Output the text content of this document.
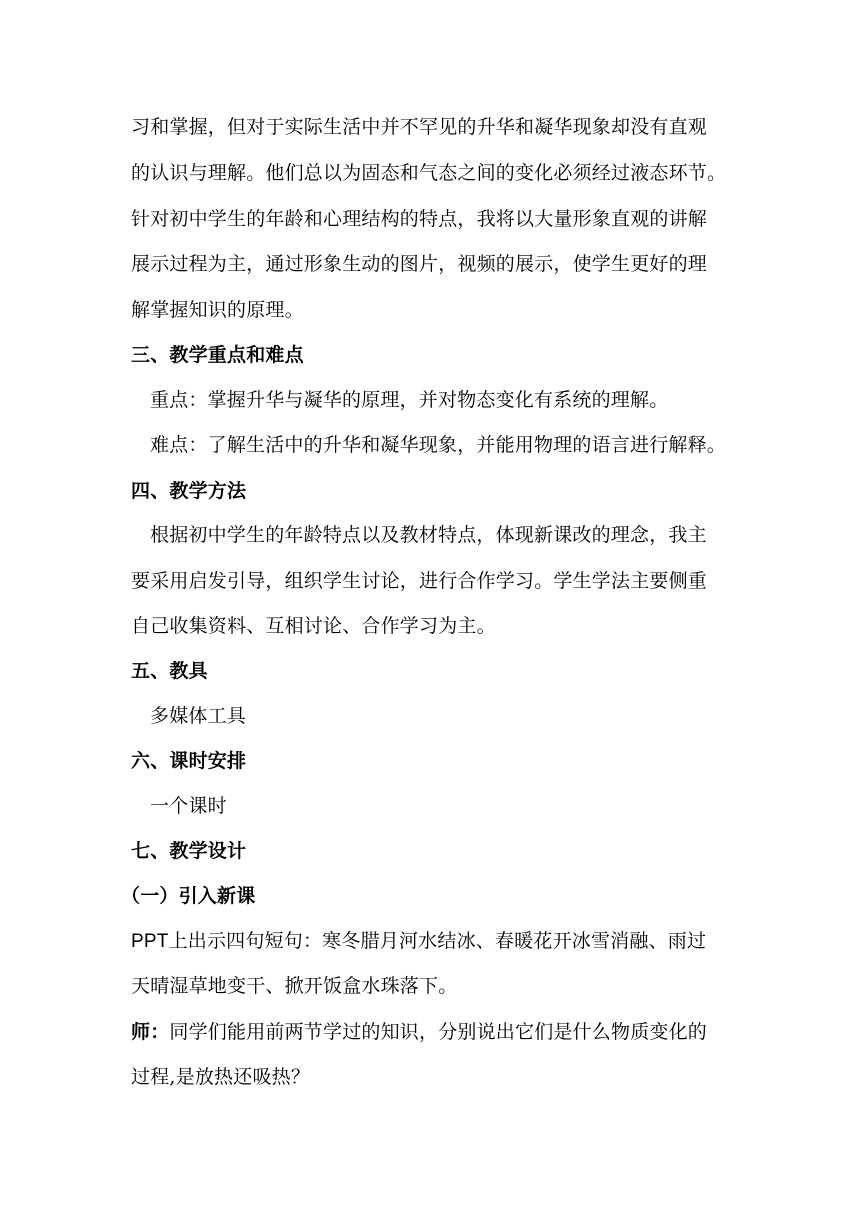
习和掌握，但对于实际生活中并不罕见的升华和凝华现象却没有直观
的认识与理解。他们总以为固态和气态之间的变化必须经过液态环节。
针对初中学生的年龄和心理结构的特点，我将以大量形象直观的讲解
展示过程为主，通过形象生动的图片，视频的展示，使学生更好的理
解掌握知识的原理。
三、教学重点和难点
重点：掌握升华与凝华的原理，并对物态变化有系统的理解。
难点：了解生活中的升华和凝华现象，并能用物理的语言进行解释。
四、教学方法
根据初中学生的年龄特点以及教材特点，体现新课改的理念，我主
要采用启发引导，组织学生讨论，进行合作学习。学生学法主要侧重
自己收集资料、互相讨论、合作学习为主。
五、教具
多媒体工具
六、课时安排
一个课时
七、教学设计
（一）引入新课
PPT上出示四句短句：寒冬腊月河水结冰、春暖花开冰雪消融、雨过
天晴湿草地变干、掀开饭盒水珠落下。
师：同学们能用前两节学过的知识，分别说出它们是什么物质变化的
过程,是放热还吸热？
